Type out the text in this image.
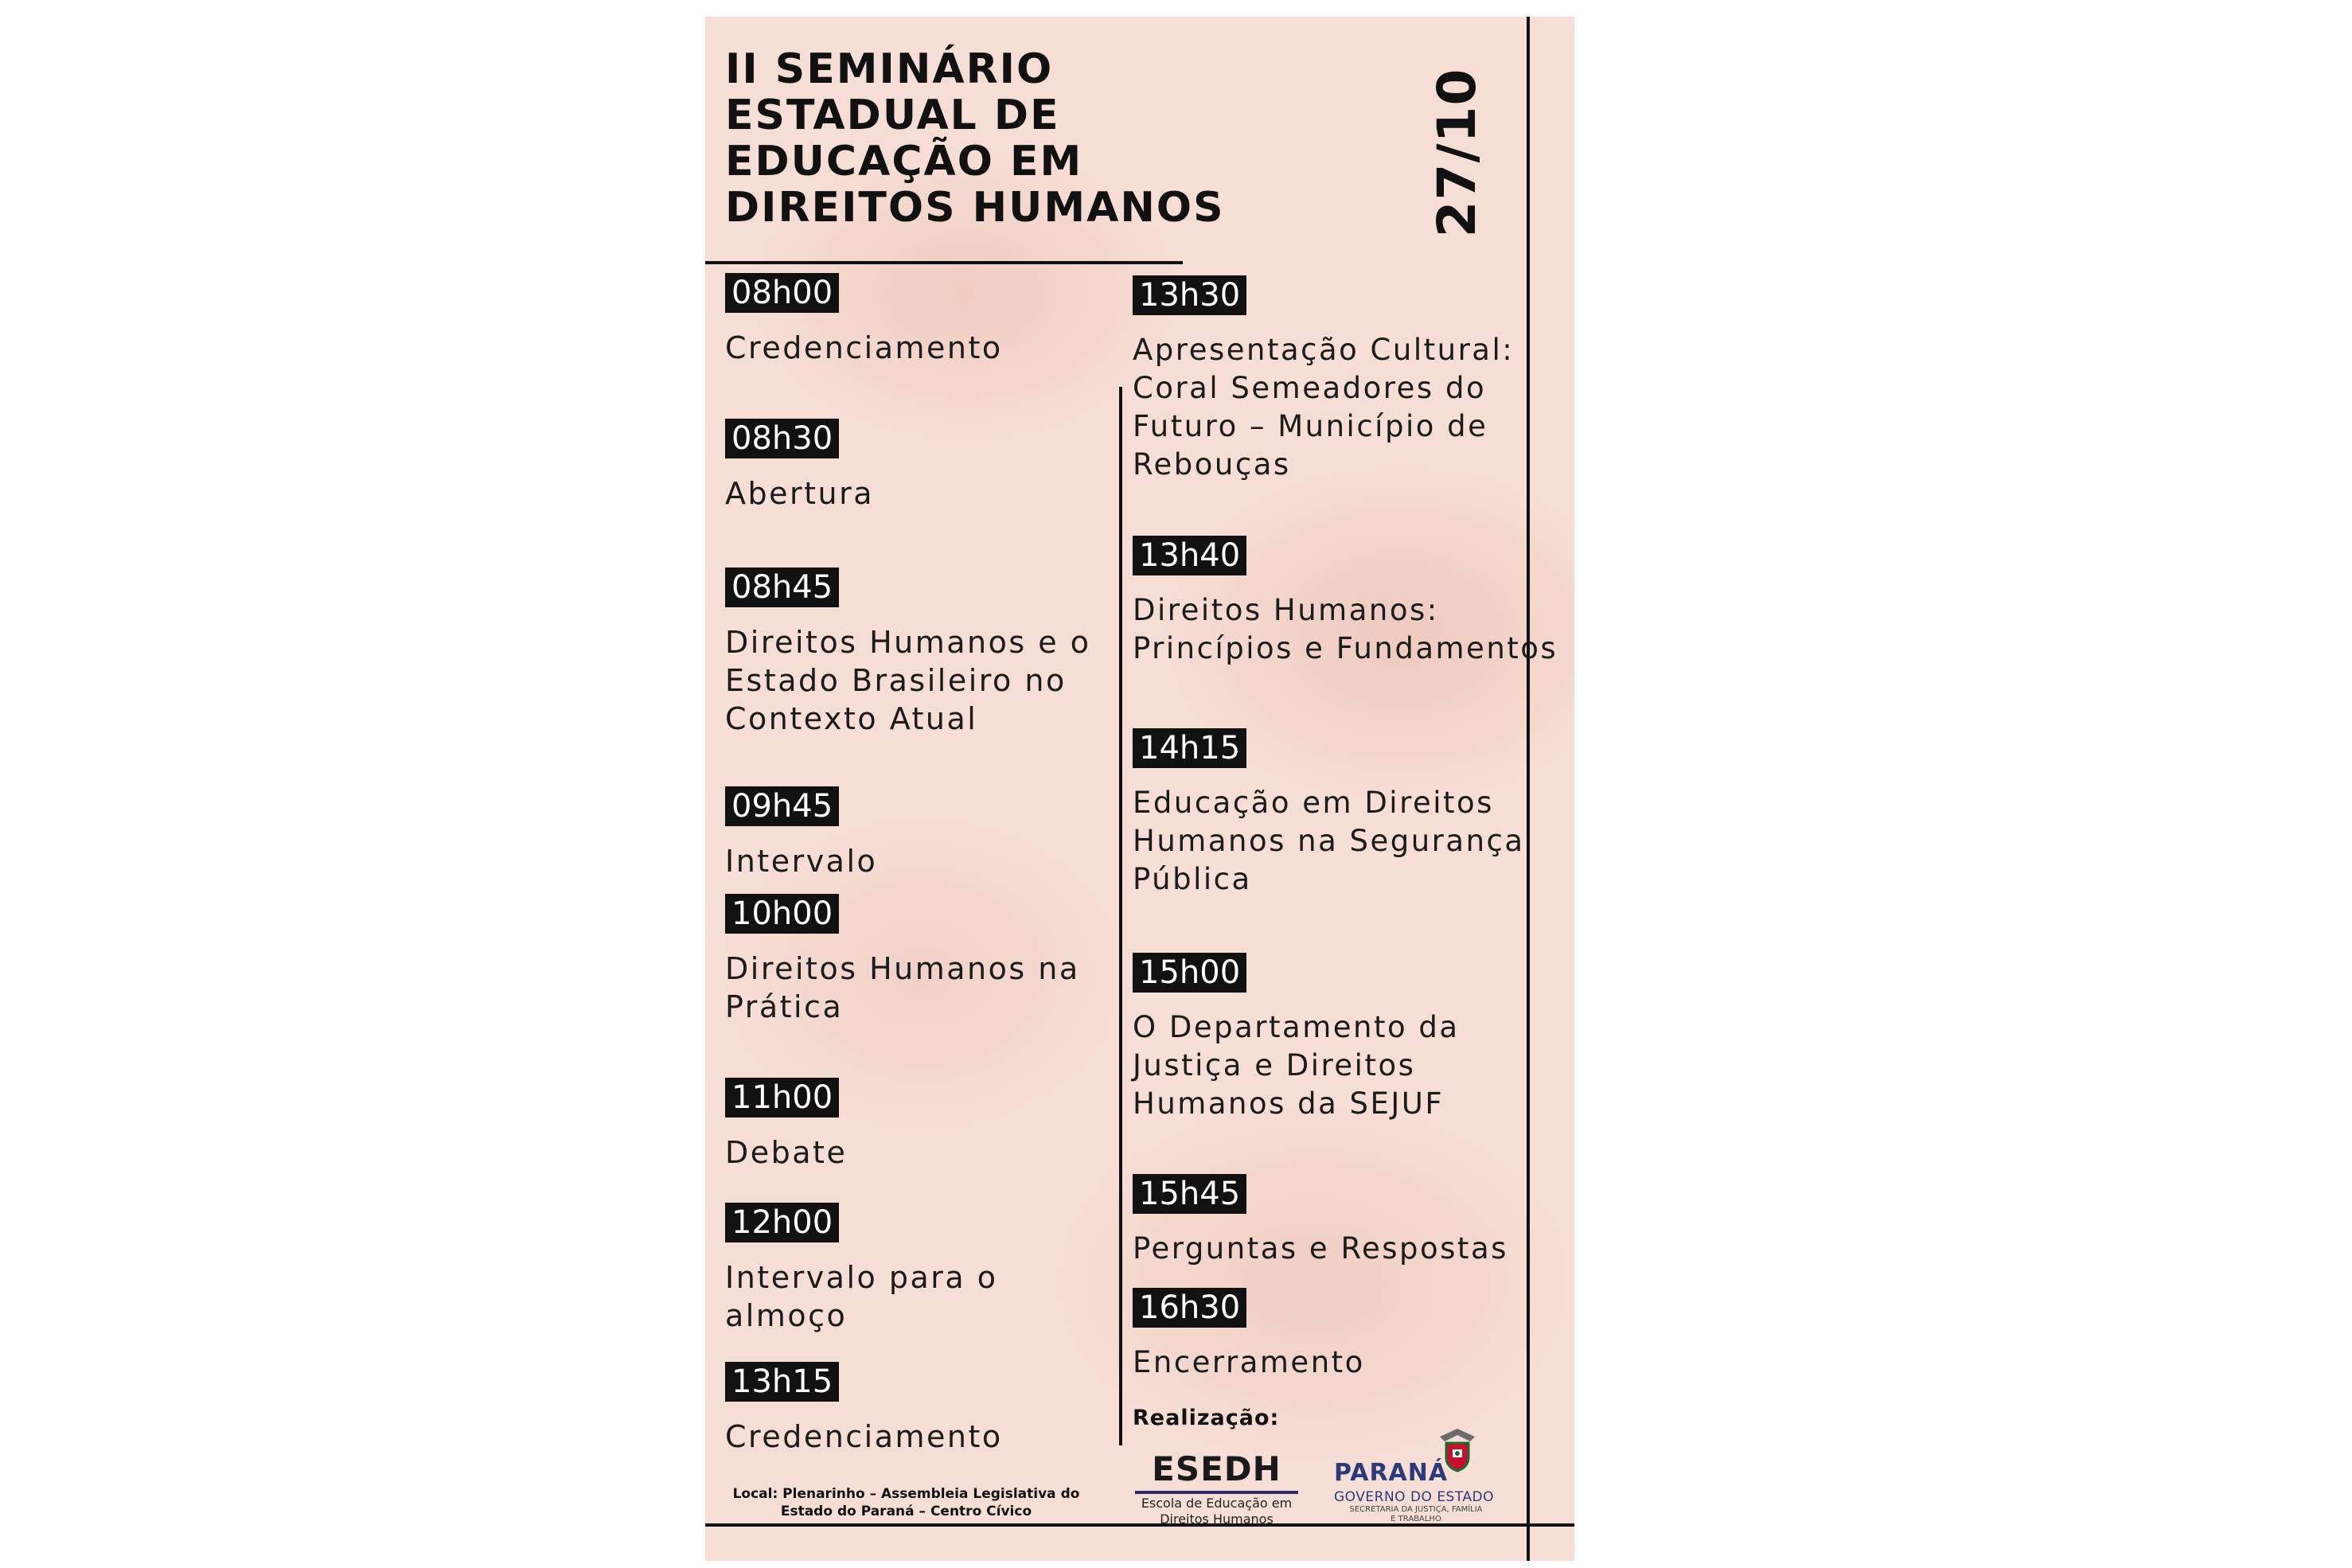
II SEMINÁRIO
ESTADUAL DE
EDUCAÇÃO EM
DIREITOS HUMANOS	27/10
08h00
Credenciamento
08h30
Abertura
08h45
Direitos Humanos e o Estado Brasileiro no Contexto Atual
09h45
Intervalo
10h00
Direitos Humanos na Prática
11h00
Debate
12h00
Intervalo para o almoço
13h15
Credenciamento
13h30
Apresentação Cultural: Coral Semeadores do Futuro – Município de Rebouças
13h40
Direitos Humanos: Princípios e Fundamentos
14h15
Educação em Direitos Humanos na Segurança Pública
15h00
O Departamento da Justiça e Direitos Humanos da SEJUF
15h45
Perguntas e Respostas
16h30
Encerramento
Realização:
Local: Plenarinho – Assembleia Legislativa do Estado do Paraná – Centro Cívico
ESEDH
Escola de Educação em Direitos Humanos
PARANÁ
GOVERNO DO ESTADO
SECRETARIA DA JUSTIÇA, FAMÍLIA E TRABALHO
